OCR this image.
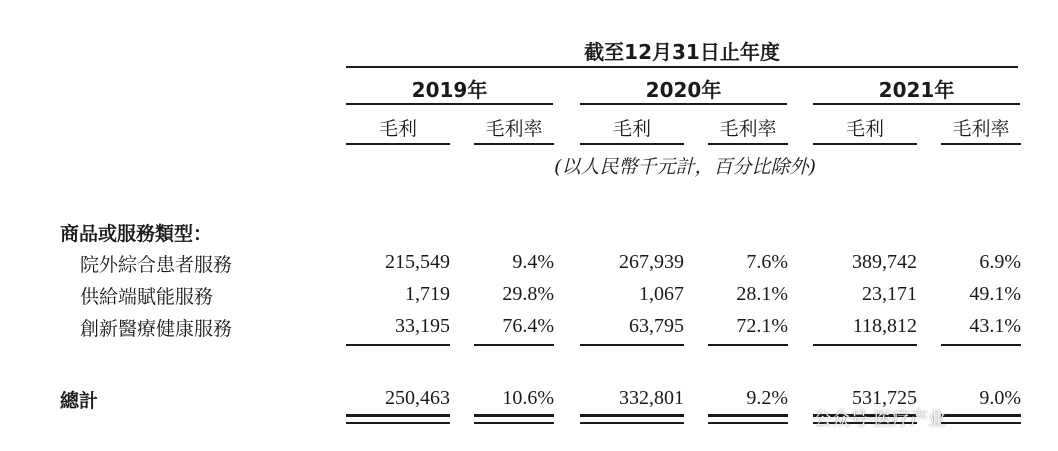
截至12月31日止年度
2019年	2020年	2021年
毛利	毛利率	毛利	毛利率	毛利	毛利率
(以人民幣千元計，百分比除外)
商品或服務類型：
院外綜合患者服務	215,549	9.4%	267,939	7.6%	389,742	6.9%
供給端賦能服務	1,719	29.8%	1,067	28.1%	23,171	49.1%
創新醫療健康服務	33,195	76.4%	63,795	72.1%	118,812	43.1%
總計	250,463	10.6%	332,801	9.2%	531,725	9.0%
公众号·医疗产业
